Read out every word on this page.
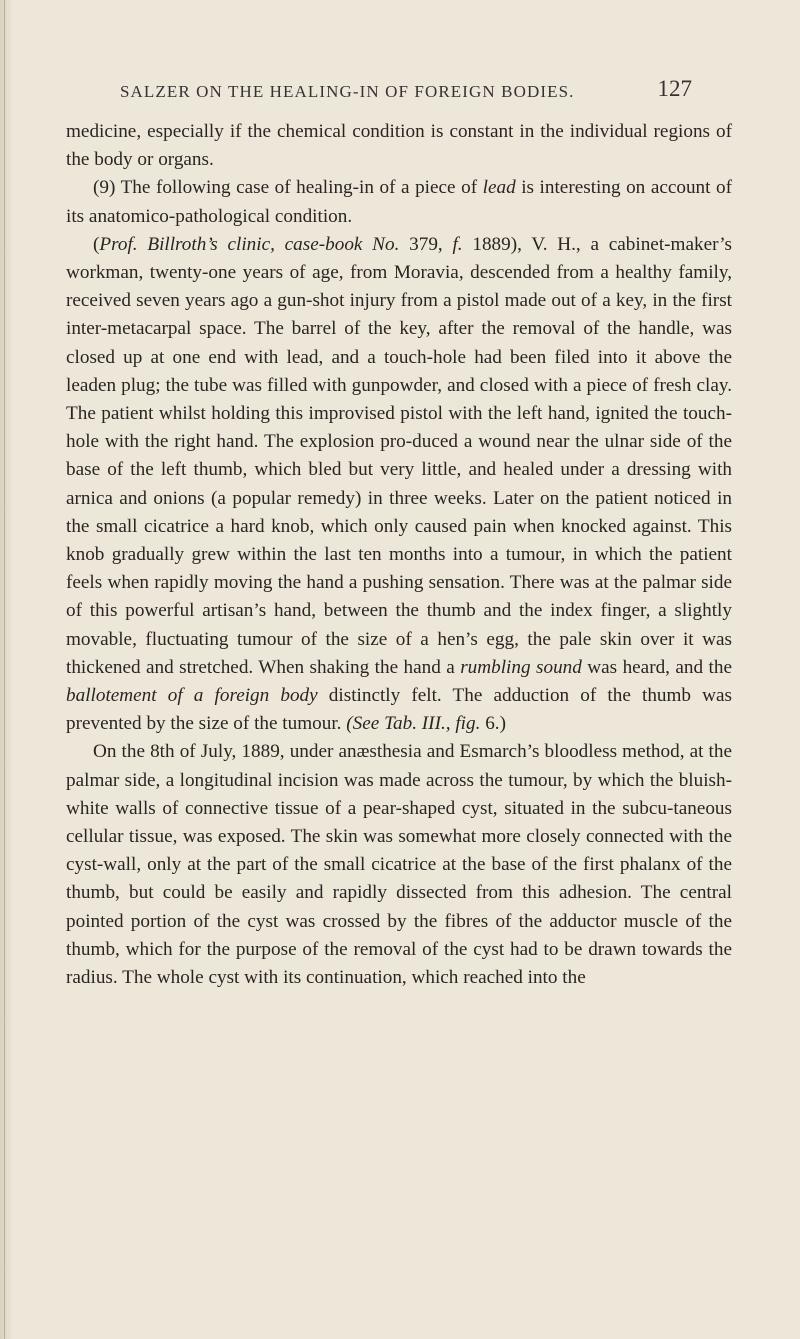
SALZER ON THE HEALING-IN OF FOREIGN BODIES.	127

medicine, especially if the chemical condition is constant in the individual regions of the body or organs.

(9) The following case of healing-in of a piece of lead is interesting on account of its anatomico-pathological condition.

(Prof. Billroth’s clinic, case-book No. 379, f. 1889), V. H., a cabinet-maker’s workman, twenty-one years of age, from Moravia, descended from a healthy family, received seven years ago a gun-shot injury from a pistol made out of a key, in the first inter-metacarpal space. The barrel of the key, after the removal of the handle, was closed up at one end with lead, and a touch-hole had been filed into it above the leaden plug; the tube was filled with gunpowder, and closed with a piece of fresh clay. The patient whilst holding this improvised pistol with the left hand, ignited the touch-hole with the right hand. The explosion pro-duced a wound near the ulnar side of the base of the left thumb, which bled but very little, and healed under a dressing with arnica and onions (a popular remedy) in three weeks. Later on the patient noticed in the small cicatrice a hard knob, which only caused pain when knocked against. This knob gradually grew within the last ten months into a tumour, in which the patient feels when rapidly moving the hand a pushing sensation. There was at the palmar side of this powerful artisan’s hand, between the thumb and the index finger, a slightly movable, fluctuating tumour of the size of a hen’s egg, the pale skin over it was thickened and stretched. When shaking the hand a rumbling sound was heard, and the ballotement of a foreign body distinctly felt. The adduction of the thumb was prevented by the size of the tumour. (See Tab. III., fig. 6.)

On the 8th of July, 1889, under anæsthesia and Esmarch’s bloodless method, at the palmar side, a longitudinal incision was made across the tumour, by which the bluish-white walls of connective tissue of a pear-shaped cyst, situated in the subcu-taneous cellular tissue, was exposed. The skin was somewhat more closely connected with the cyst-wall, only at the part of the small cicatrice at the base of the first phalanx of the thumb, but could be easily and rapidly dissected from this adhesion. The central pointed portion of the cyst was crossed by the fibres of the adductor muscle of the thumb, which for the purpose of the removal of the cyst had to be drawn towards the radius. The whole cyst with its continuation, which reached into the
